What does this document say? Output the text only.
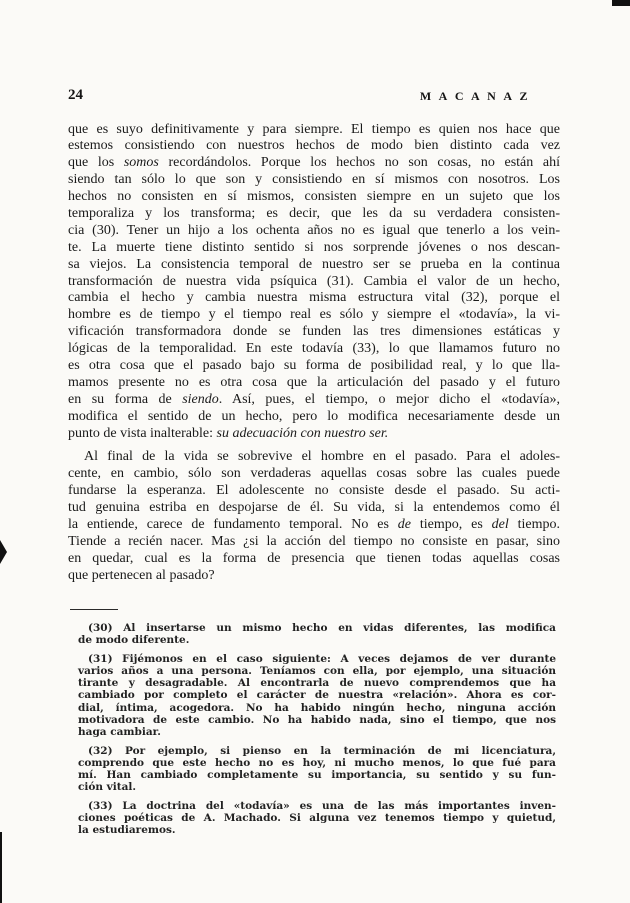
24	MACANAZ
que es suyo definitivamente y para siempre. El tiempo es quien nos hace que
estemos consistiendo con nuestros hechos de modo bien distinto cada vez
que los somos recordándolos. Porque los hechos no son cosas, no están ahí
siendo tan sólo lo que son y consistiendo en sí mismos con nosotros. Los
hechos no consisten en sí mismos, consisten siempre en un sujeto que los
temporaliza y los transforma; es decir, que les da su verdadera consisten-
cia (30). Tener un hijo a los ochenta años no es igual que tenerlo a los vein-
te. La muerte tiene distinto sentido si nos sorprende jóvenes o nos descan-
sa viejos. La consistencia temporal de nuestro ser se prueba en la continua
transformación de nuestra vida psíquica (31). Cambia el valor de un hecho,
cambia el hecho y cambia nuestra misma estructura vital (32), porque el
hombre es de tiempo y el tiempo real es sólo y siempre el «todavía», la vi-
vificación transformadora donde se funden las tres dimensiones estáticas y
lógicas de la temporalidad. En este todavía (33), lo que llamamos futuro no
es otra cosa que el pasado bajo su forma de posibilidad real, y lo que lla-
mamos presente no es otra cosa que la articulación del pasado y el futuro
en su forma de siendo. Así, pues, el tiempo, o mejor dicho el «todavía»,
modifica el sentido de un hecho, pero lo modifica necesariamente desde un
punto de vista inalterable: su adecuación con nuestro ser.
Al final de la vida se sobrevive el hombre en el pasado. Para el adoles-
cente, en cambio, sólo son verdaderas aquellas cosas sobre las cuales puede
fundarse la esperanza. El adolescente no consiste desde el pasado. Su acti-
tud genuina estriba en despojarse de él. Su vida, si la entendemos como él
la entiende, carece de fundamento temporal. No es de tiempo, es del tiempo.
Tiende a recién nacer. Mas ¿si la acción del tiempo no consiste en pasar, sino
en quedar, cual es la forma de presencia que tienen todas aquellas cosas
que pertenecen al pasado?
(30) Al insertarse un mismo hecho en vidas diferentes, las modifica
de modo diferente.
(31) Fijémonos en el caso siguiente: A veces dejamos de ver durante
varios años a una persona. Teníamos con ella, por ejemplo, una situación
tirante y desagradable. Al encontrarla de nuevo comprendemos que ha
cambiado por completo el carácter de nuestra «relación». Ahora es cor-
dial, íntima, acogedora. No ha habido ningún hecho, ninguna acción
motivadora de este cambio. No ha habido nada, sino el tiempo, que nos
haga cambiar.
(32) Por ejemplo, si pienso en la terminación de mi licenciatura,
comprendo que este hecho no es hoy, ni mucho menos, lo que fué para
mí. Han cambiado completamente su importancia, su sentido y su fun-
ción vital.
(33) La doctrina del «todavía» es una de las más importantes inven-
ciones poéticas de A. Machado. Si alguna vez tenemos tiempo y quietud,
la estudiaremos.
